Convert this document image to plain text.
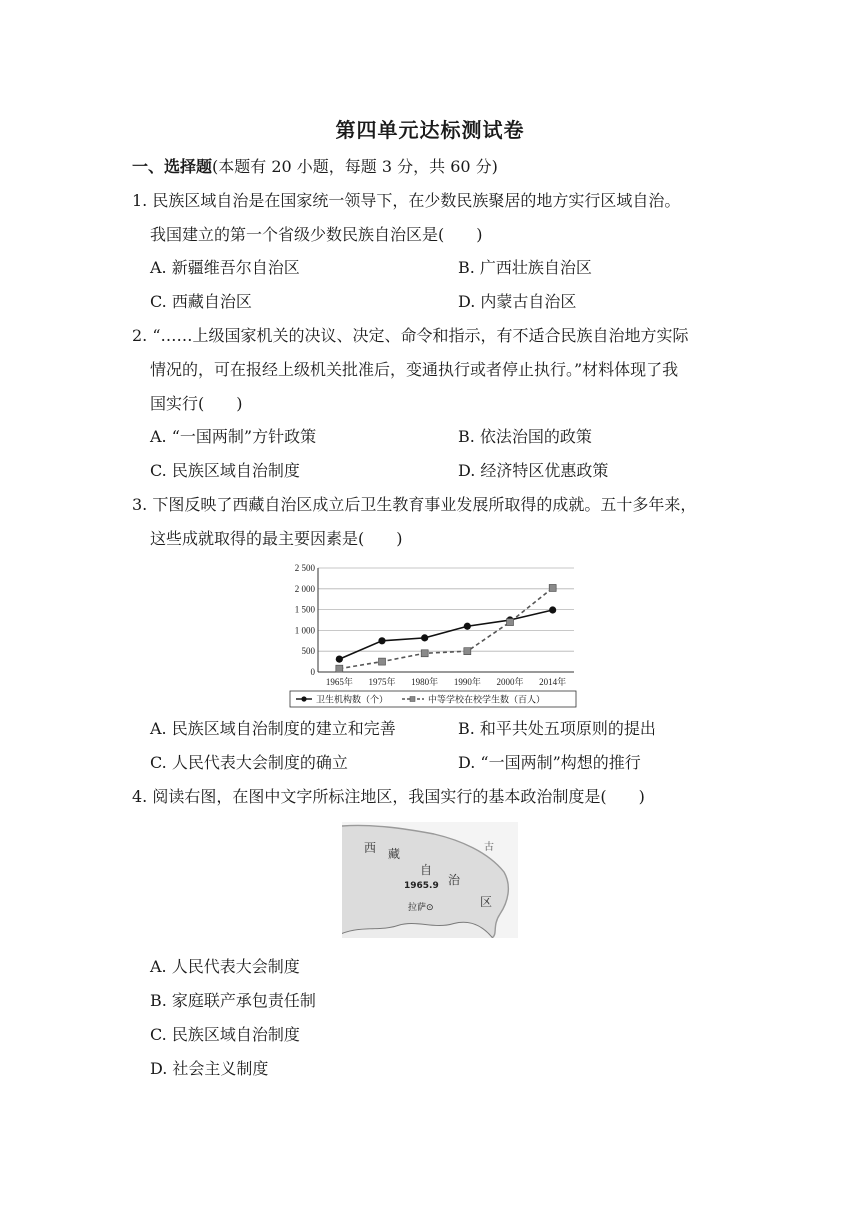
第四单元达标测试卷
一、选择题(本题有 20 小题，每题 3 分，共 60 分)
1. 民族区域自治是在国家统一领导下，在少数民族聚居的地方实行区域自治。
我国建立的第一个省级少数民族自治区是(　　)
A. 新疆维吾尔自治区	B. 广西壮族自治区
C. 西藏自治区	D. 内蒙古自治区
2. “……上级国家机关的决议、决定、命令和指示，有不适合民族自治地方实际
情况的，可在报经上级机关批准后，变通执行或者停止执行。”材料体现了我
国实行(　　)
A. “一国两制”方针政策	B. 依法治国的政策
C. 民族区域自治制度	D. 经济特区优惠政策
3. 下图反映了西藏自治区成立后卫生教育事业发展所取得的成就。五十多年来，
这些成就取得的最主要因素是(　　)
0
500
1 000
1 500
2 000
2 500
1965年 1975年 1980年 1990年 2000年 2014年
卫生机构数（个）	中等学校在校学生数（百人）
A. 民族区域自治制度的建立和完善	B. 和平共处五项原则的提出
C. 人民代表大会制度的确立	D. “一国两制”构想的推行
4. 阅读右图，在图中文字所标注地区，我国实行的基本政治制度是(　　)
西 藏
自
治
区
1965.9
拉萨⊙
古
A. 人民代表大会制度
B. 家庭联产承包责任制
C. 民族区域自治制度
D. 社会主义制度
